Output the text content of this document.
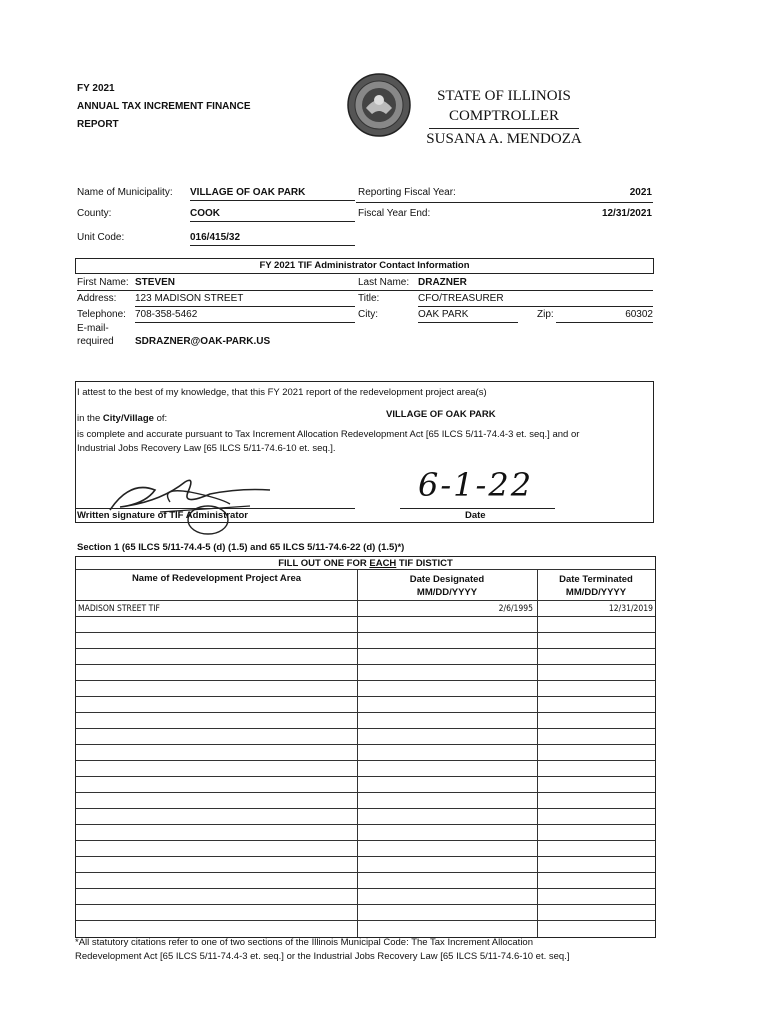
FY 2021
ANNUAL TAX INCREMENT FINANCE
REPORT
STATE OF ILLINOIS
COMPTROLLER
SUSANA A. MENDOZA
Name of Municipality: VILLAGE OF OAK PARK
County:	COOK
Unit Code:	016/415/32
Reporting Fiscal Year:	2021
Fiscal Year End:	12/31/2021
FY 2021 TIF Administrator Contact Information
First Name: STEVEN	Last Name: DRAZNER
Address: 123 MADISON STREET	Title:	CFO/TREASURER
Telephone: 708-358-5462	City:	OAK PARK	Zip:	60302
E-mail-
required SDRAZNER@OAK-PARK.US
I attest to the best of my knowledge, that this FY 2021 report of the redevelopment project area(s)
in the City/Village of:	VILLAGE OF OAK PARK
is complete and accurate pursuant to Tax Increment Allocation Redevelopment Act [65 ILCS 5/11-74.4-3 et. seq.] and or
Industrial Jobs Recovery Law [65 ILCS 5/11-74.6-10 et. seq.].
6-1-22
Written signature of TIF Administrator	Date
Section 1 (65 ILCS 5/11-74.4-5 (d) (1.5) and 65 ILCS 5/11-74.6-22 (d) (1.5)*)
FILL OUT ONE FOR EACH TIF DISTICT
Name of Redevelopment Project Area	Date Designated
MM/DD/YYYY
Date Terminated
MM/DD/YYYY
MADISON STREET TIF	2/6/1995	12/31/2019
*All statutory citations refer to one of two sections of the Illinois Municipal Code: The Tax Increment Allocation
Redevelopment Act [65 ILCS 5/11-74.4-3 et. seq.] or the Industrial Jobs Recovery Law [65 ILCS 5/11-74.6-10 et. seq.]
